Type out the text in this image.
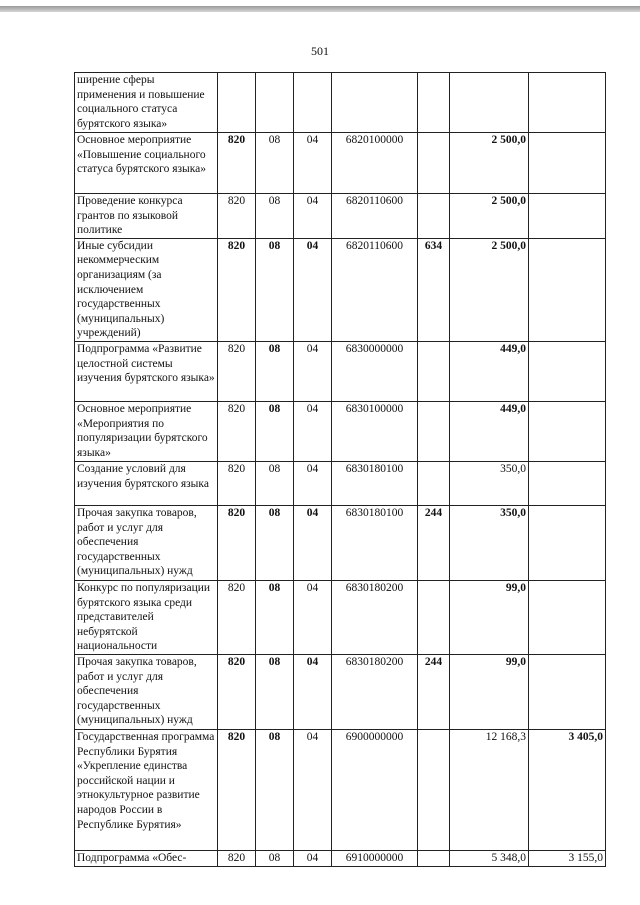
501
ширение сферы применения и повышение социального статуса бурятского языка»							
Основное мероприятие «Повышение социального статуса бурятского языка»	820	08	04	6820100000		2 500,0	
Проведение конкурса грантов по языковой политике	820	08	04	6820110600		2 500,0	
Иные субсидии некоммерческим организациям (за исключением государственных (муниципальных) учреждений)	820	08	04	6820110600	634	2 500,0	
Подпрограмма «Развитие целостной системы изучения бурятского языка»	820	08	04	6830000000		449,0	
Основное мероприятие «Мероприятия по популяризации бурятского языка»	820	08	04	6830100000		449,0	
Создание условий для изучения бурятского языка	820	08	04	6830180100		350,0	
Прочая закупка товаров, работ и услуг для обеспечения государственных (муниципальных) нужд	820	08	04	6830180100	244	350,0	
Конкурс по популяризации бурятского языка среди представителей небурятской национальности	820	08	04	6830180200		99,0	
Прочая закупка товаров, работ и услуг для обеспечения государственных (муниципальных) нужд	820	08	04	6830180200	244	99,0	
Государственная программа Республики Бурятия «Укрепление единства российской нации и этнокультурное развитие народов России в Республике Бурятия»	820	08	04	6900000000		12 168,3	3 405,0
Подпрограмма «Обес-	820	08	04	6910000000		5 348,0	3 155,0
